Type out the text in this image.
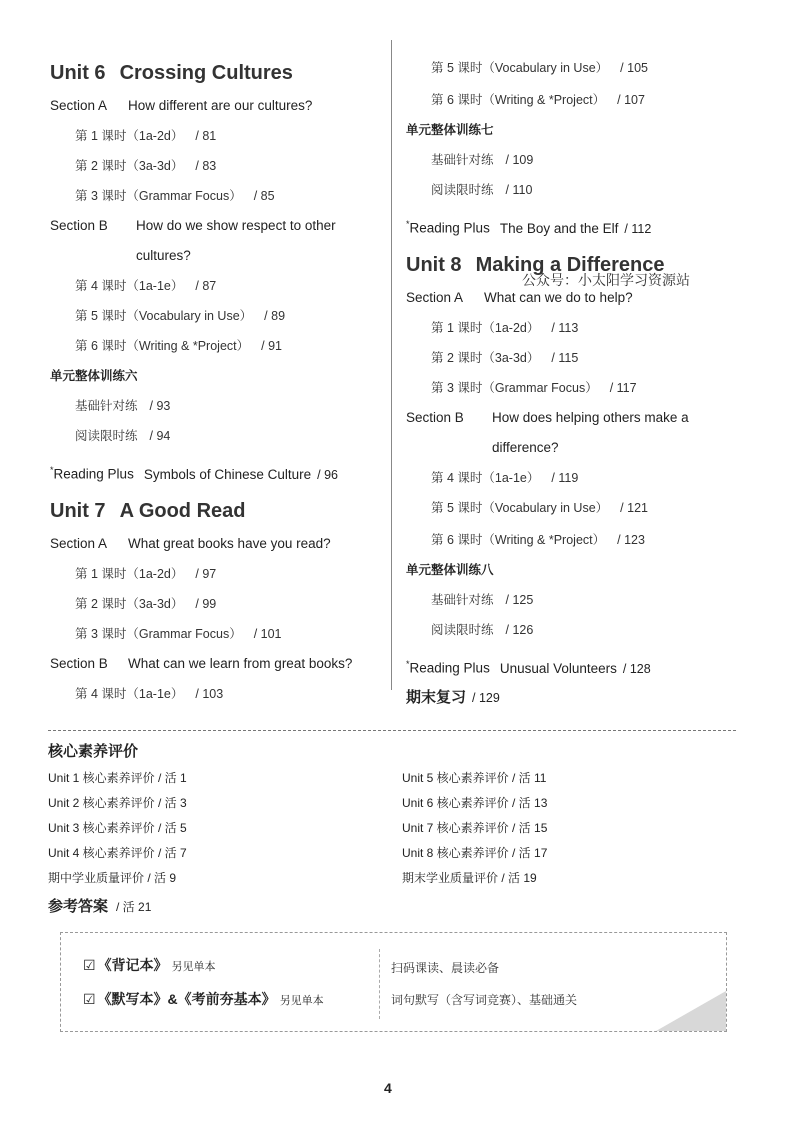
Unit 6 Crossing Cultures
Section A How different are our cultures?
第 1 课时（1a-2d） / 81
第 2 课时（3a-3d） / 83
第 3 课时（Grammar Focus） / 85
Section B How do we show respect to other
cultures?
第 4 课时（1a-1e） / 87
第 5 课时（Vocabulary in Use） / 89
第 6 课时（Writing & *Project） / 91
单元整体训练六
基础针对练 / 93
阅读限时练 / 94
*Reading Plus Symbols of Chinese Culture / 96
Unit 7 A Good Read
Section A What great books have you read?
第 1 课时（1a-2d） / 97
第 2 课时（3a-3d） / 99
第 3 课时（Grammar Focus） / 101
Section B What can we learn from great books?
第 4 课时（1a-1e） / 103
第 5 课时（Vocabulary in Use） / 105
第 6 课时（Writing & *Project） / 107
单元整体训练七
基础针对练 / 109
阅读限时练 / 110
*Reading Plus The Boy and the Elf / 112
Unit 8 Making a Difference
Section A What can we do to help?
第 1 课时（1a-2d） / 113
第 2 课时（3a-3d） / 115
第 3 课时（Grammar Focus） / 117
Section B How does helping others make a
difference?
第 4 课时（1a-1e） / 119
第 5 课时（Vocabulary in Use） / 121
第 6 课时（Writing & *Project） / 123
单元整体训练八
基础针对练 / 125
阅读限时练 / 126
*Reading Plus Unusual Volunteers / 128
期末复习 / 129
公众号：小太阳学习资源站
核心素养评价
Unit 1 核心素养评价 / 活 1
Unit 2 核心素养评价 / 活 3
Unit 3 核心素养评价 / 活 5
Unit 4 核心素养评价 / 活 7
期中学业质量评价 / 活 9
Unit 5 核心素养评价 / 活 11
Unit 6 核心素养评价 / 活 13
Unit 7 核心素养评价 / 活 15
Unit 8 核心素养评价 / 活 17
期末学业质量评价 / 活 19
参考答案 / 活 21
☑ 《背记本》 另见单本
☑ 《默写本》&《考前夯基本》 另见单本
扫码课读、晨读必备
词句默写（含写词竞赛）、基础通关
4
